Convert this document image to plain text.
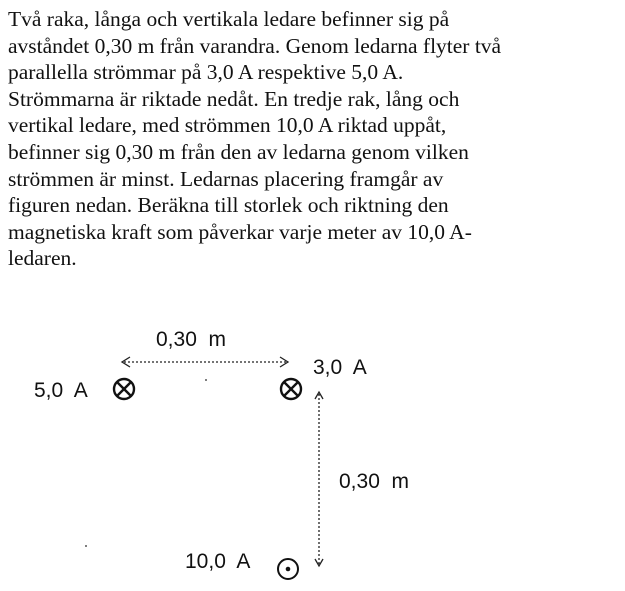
Två raka, långa och vertikala ledare befinner sig på
avståndet 0,30 m från varandra. Genom ledarna flyter två
parallella strömmar på 3,0 A respektive 5,0 A.
Strömmarna är riktade nedåt. En tredje rak, lång och
vertikal ledare, med strömmen 10,0 A riktad uppåt,
befinner sig 0,30 m från den av ledarna genom vilken
strömmen är minst. Ledarnas placering framgår av
figuren nedan. Beräkna till storlek och riktning den
magnetiska kraft som påverkar varje meter av 10,0 A-
ledaren.
0,30  m
3,0  A
5,0  A
0,30  m
10,0  A
